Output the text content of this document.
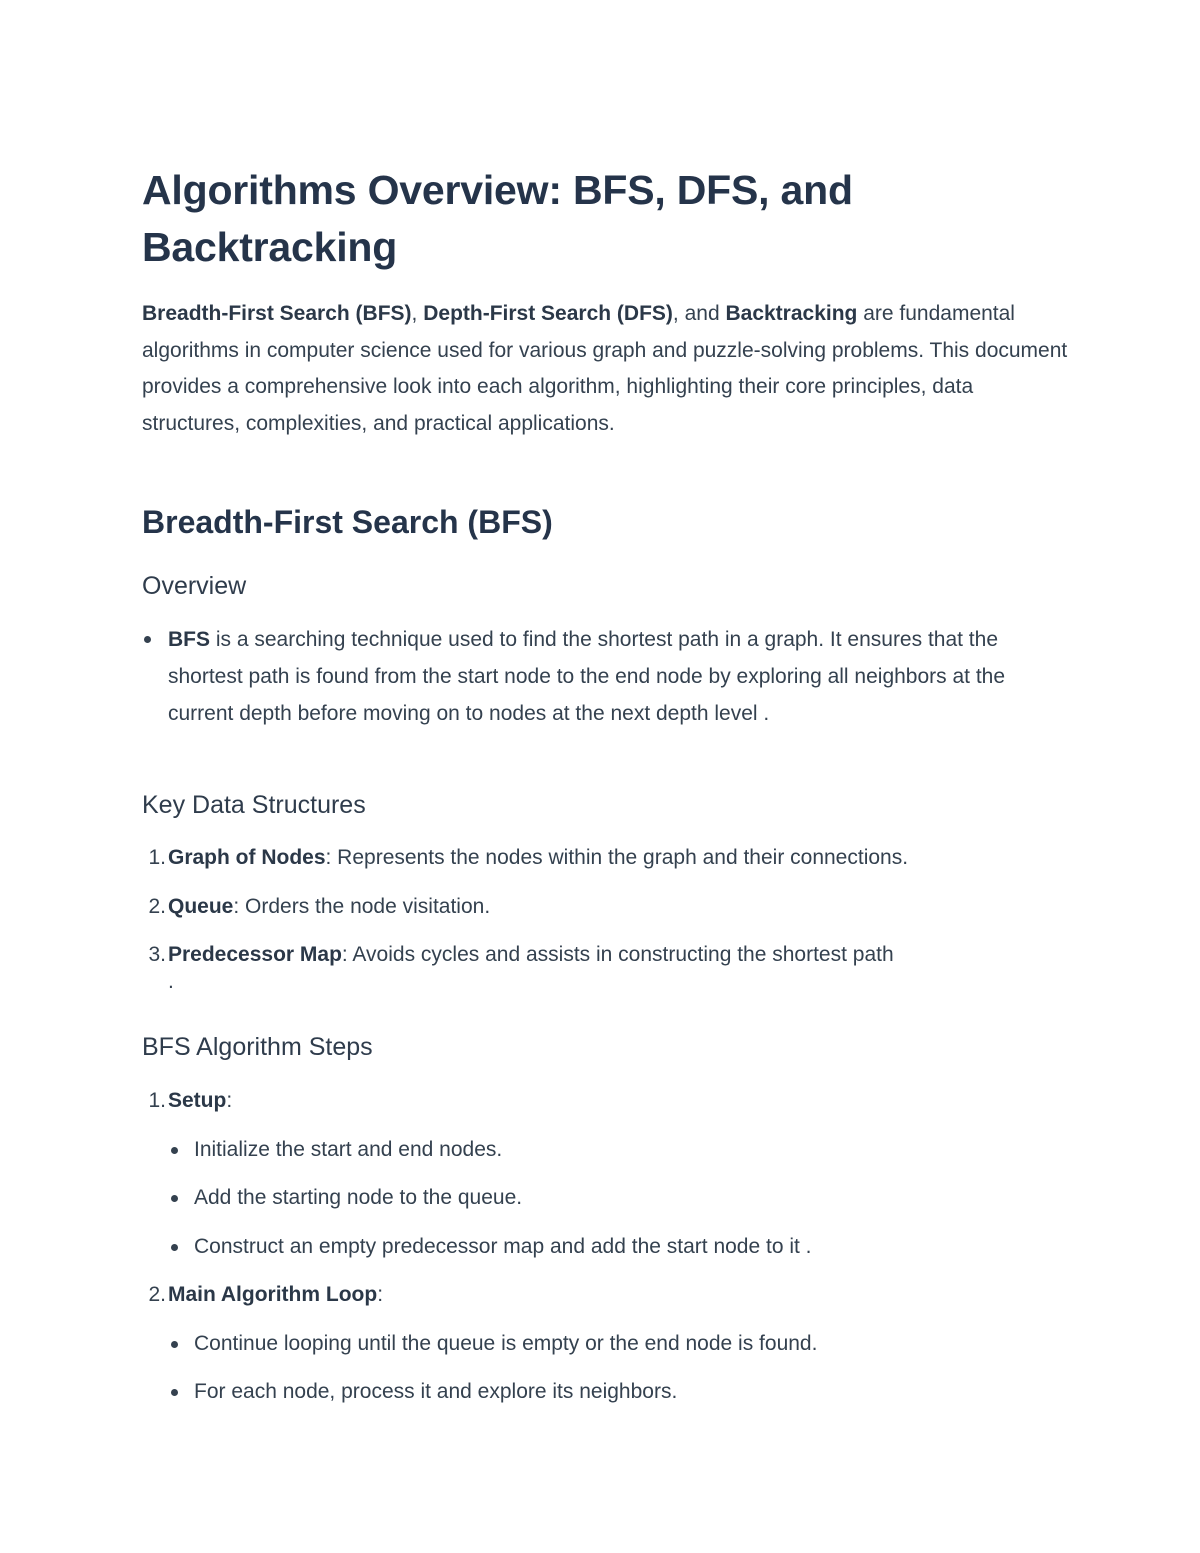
Algorithms Overview: BFS, DFS, and Backtracking

Breadth-First Search (BFS), Depth-First Search (DFS), and Backtracking are fundamental algorithms in computer science used for various graph and puzzle-solving problems. This document provides a comprehensive look into each algorithm, highlighting their core principles, data structures, complexities, and practical applications.

Breadth-First Search (BFS)
Overview
BFS is a searching technique used to find the shortest path in a graph. It ensures that the shortest path is found from the start node to the end node by exploring all neighbors at the current depth before moving on to nodes at the next depth level .
Key Data Structures
1. Graph of Nodes: Represents the nodes within the graph and their connections.
2. Queue: Orders the node visitation.
3. Predecessor Map: Avoids cycles and assists in constructing the shortest path
.
BFS Algorithm Steps
1. Setup:
Initialize the start and end nodes.
Add the starting node to the queue.
Construct an empty predecessor map and add the start node to it .
2. Main Algorithm Loop:
Continue looping until the queue is empty or the end node is found.
For each node, process it and explore its neighbors.
